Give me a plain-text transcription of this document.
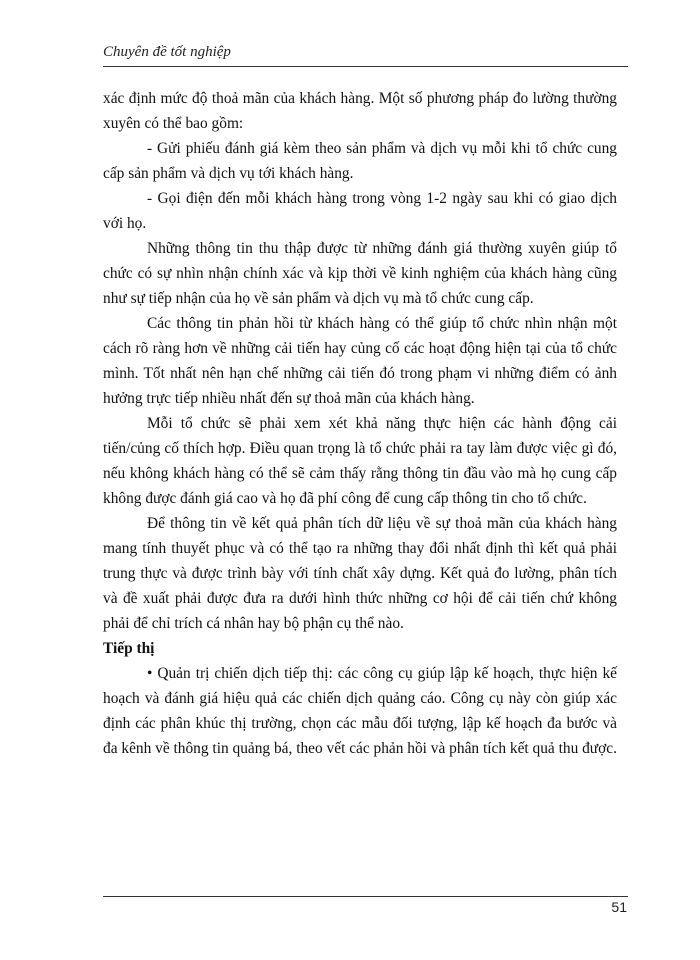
Chuyên đề tốt nghiệp

xác định mức độ thoả mãn của khách hàng. Một số phương pháp đo lường thường xuyên có thể bao gồm:

- Gửi phiếu đánh giá kèm theo sản phẩm và dịch vụ mỗi khi tổ chức cung cấp sản phẩm và dịch vụ tới khách hàng.

- Gọi điện đến mỗi khách hàng trong vòng 1-2 ngày sau khi có giao dịch với họ.

Những thông tin thu thập được từ những đánh giá thường xuyên giúp tổ chức có sự nhìn nhận chính xác và kịp thời về kinh nghiệm của khách hàng cũng như sự tiếp nhận của họ về sản phẩm và dịch vụ mà tổ chức cung cấp.

Các thông tin phản hồi từ khách hàng có thể giúp tổ chức nhìn nhận một cách rõ ràng hơn về những cải tiến hay củng cố các hoạt động hiện tại của tổ chức mình. Tốt nhất nên hạn chế những cải tiến đó trong phạm vi những điểm có ảnh hưởng trực tiếp nhiều nhất đến sự thoả mãn của khách hàng.

Mỗi tổ chức sẽ phải xem xét khả năng thực hiện các hành động cải tiến/củng cố thích hợp. Điều quan trọng là tổ chức phải ra tay làm được việc gì đó, nếu không khách hàng có thể sẽ cảm thấy rằng thông tin đầu vào mà họ cung cấp không được đánh giá cao và họ đã phí công để cung cấp thông tin cho tổ chức.

Để thông tin về kết quả phân tích dữ liệu về sự thoả mãn của khách hàng mang tính thuyết phục và có thể tạo ra những thay đổi nhất định thì kết quả phải trung thực và được trình bày với tính chất xây dựng. Kết quả đo lường, phân tích và đề xuất phải được đưa ra dưới hình thức những cơ hội để cải tiến chứ không phải để chỉ trích cá nhân hay bộ phận cụ thể nào.

Tiếp thị

• Quản trị chiến dịch tiếp thị: các công cụ giúp lập kế hoạch, thực hiện kế hoạch và đánh giá hiệu quả các chiến dịch quảng cáo. Công cụ này còn giúp xác định các phân khúc thị trường, chọn các mẫu đối tượng, lập kế hoạch đa bước và đa kênh về thông tin quảng bá, theo vết các phản hồi và phân tích kết quả thu được.

51
